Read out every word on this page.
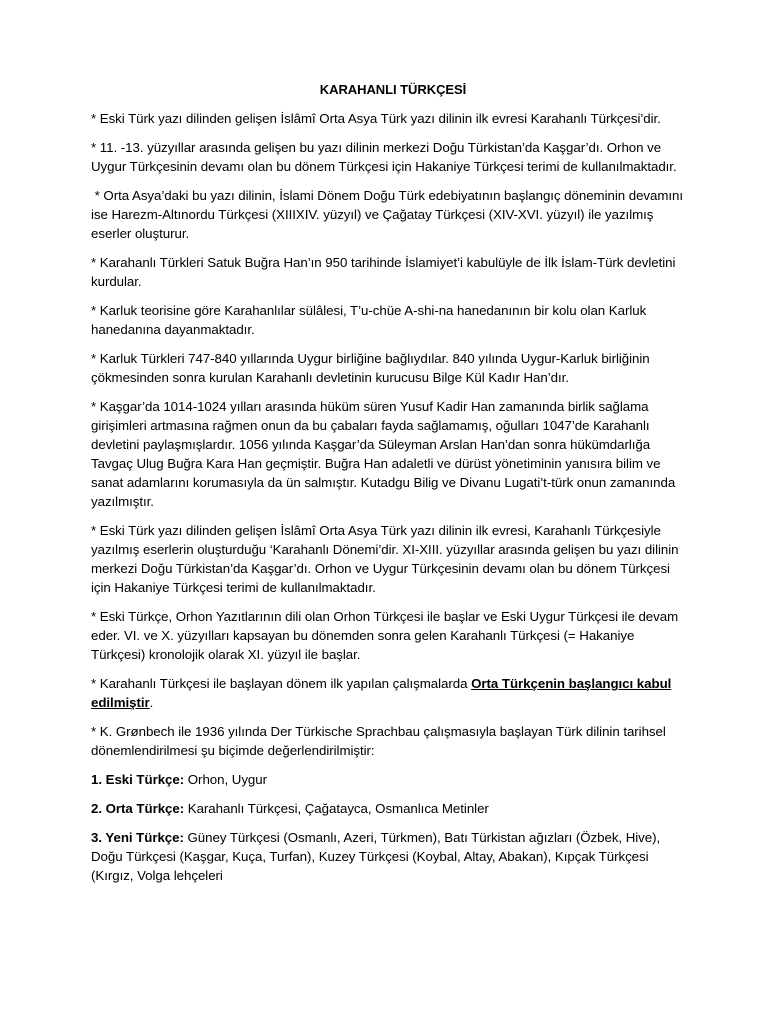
KARAHANLI TÜRKÇESİ

* Eski Türk yazı dilinden gelişen İslâmî Orta Asya Türk yazı dilinin ilk evresi Karahanlı Türkçesi’dir.

* 11. -13. yüzyıllar arasında gelişen bu yazı dilinin merkezi Doğu Türkistan’da Kaşgar’dı. Orhon ve Uygur Türkçesinin devamı olan bu dönem Türkçesi için Hakaniye Türkçesi terimi de kullanılmaktadır.

* Orta Asya’daki bu yazı dilinin, İslami Dönem Doğu Türk edebiyatının başlangıç döneminin devamını ise Harezm-Altınordu Türkçesi (XIIIXIV. yüzyıl) ve Çağatay Türkçesi (XIV-XVI. yüzyıl) ile yazılmış eserler oluşturur.

* Karahanlı Türkleri Satuk Buğra Han’ın 950 tarihinde İslamiyet’i kabulüyle de İlk İslam-Türk devletini kurdular.

* Karluk teorisine göre Karahanlılar sülâlesi, T’u-chüe A-shi-na hanedanının bir kolu olan Karluk hanedanına dayanmaktadır.

* Karluk Türkleri 747-840 yıllarında Uygur birliğine bağlıydılar. 840 yılında Uygur-Karluk birliğinin çökmesinden sonra kurulan Karahanlı devletinin kurucusu Bilge Kül Kadır Han’dır.

* Kaşgar’da 1014-1024 yılları arasında hüküm süren Yusuf Kadir Han zamanında birlik sağlama girişimleri artmasına rağmen onun da bu çabaları fayda sağlamamış, oğulları 1047’de Karahanlı devletini paylaşmışlardır. 1056 yılında Kaşgar’da Süleyman Arslan Han’dan sonra hükümdarlığa Tavgaç Ulug Buğra Kara Han geçmiştir. Buğra Han adaletli ve dürüst yönetiminin yanısıra bilim ve sanat adamlarını korumasıyla da ün salmıştır. Kutadgu Bilig ve Divanu Lugati’t-türk onun zamanında yazılmıştır.

* Eski Türk yazı dilinden gelişen İslâmî Orta Asya Türk yazı dilinin ilk evresi, Karahanlı Türkçesiyle yazılmış eserlerin oluşturduğu ‘Karahanlı Dönemi’dir. XI-XIII. yüzyıllar arasında gelişen bu yazı dilinin merkezi Doğu Türkistan’da Kaşgar’dı. Orhon ve Uygur Türkçesinin devamı olan bu dönem Türkçesi için Hakaniye Türkçesi terimi de kullanılmaktadır.

* Eski Türkçe, Orhon Yazıtlarının dili olan Orhon Türkçesi ile başlar ve Eski Uygur Türkçesi ile devam eder. VI. ve X. yüzyılları kapsayan bu dönemden sonra gelen Karahanlı Türkçesi (= Hakaniye Türkçesi) kronolojik olarak XI. yüzyıl ile başlar.

* Karahanlı Türkçesi ile başlayan dönem ilk yapılan çalışmalarda Orta Türkçenin başlangıcı kabul edilmiştir.

* K. Grønbech ile 1936 yılında Der Türkische Sprachbau çalışmasıyla başlayan Türk dilinin tarihsel dönemlendirilmesi şu biçimde değerlendirilmiştir:

1. Eski Türkçe: Orhon, Uygur

2. Orta Türkçe: Karahanlı Türkçesi, Çağatayca, Osmanlıca Metinler

3. Yeni Türkçe: Güney Türkçesi (Osmanlı, Azeri, Türkmen), Batı Türkistan ağızları (Özbek, Hive), Doğu Türkçesi (Kaşgar, Kuça, Turfan), Kuzey Türkçesi (Koybal, Altay, Abakan), Kıpçak Türkçesi (Kırgız, Volga lehçeleri
